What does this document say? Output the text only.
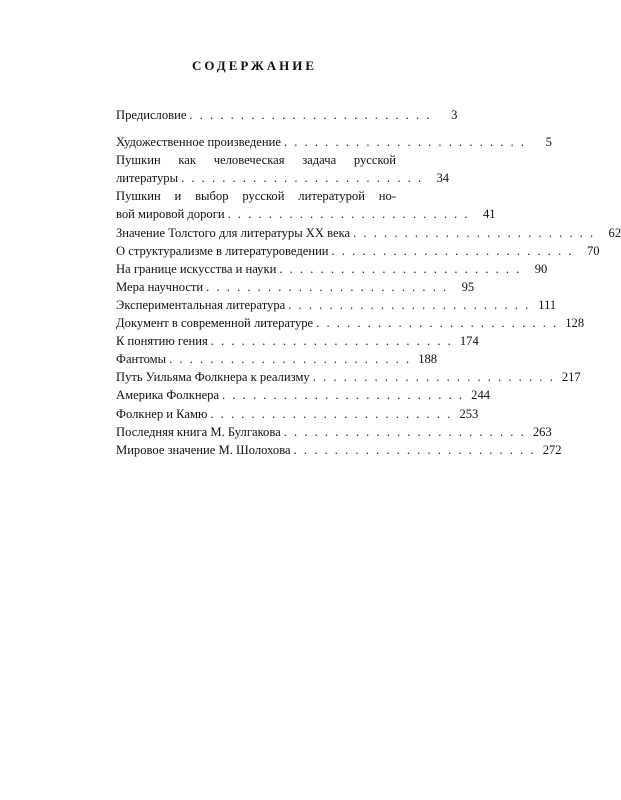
СОДЕРЖАНИЕ
Предисловие . . . . . . . . . . . . . . . . . . . . . . . .	3
Художественное произведение . . . . . . . . . . . . . . . . . . . . . . . .	5
Пушкин как человеческая задача русской
литературы . . . . . . . . . . . . . . . . . . . . . . . .	34
Пушкин и выбор русской литературой но-
вой мировой дороги . . . . . . . . . . . . . . . . . . . . . . . .	41
Значение Толстого для литературы XX века . . . . . . . . . . . . . . . . . . . . . . . .	62
О структурализме в литературоведении . . . . . . . . . . . . . . . . . . . . . . . .	70
На границе искусства и науки . . . . . . . . . . . . . . . . . . . . . . . .	90
Мера научности . . . . . . . . . . . . . . . . . . . . . . . .	95
Экспериментальная литература . . . . . . . . . . . . . . . . . . . . . . . . 111
Документ в современной литературе . . . . . . . . . . . . . . . . . . . . . . . . 128
К понятию гения . . . . . . . . . . . . . . . . . . . . . . . . 174
Фантомы . . . . . . . . . . . . . . . . . . . . . . . . 188
Путь Уильяма Фолкнера к реализму . . . . . . . . . . . . . . . . . . . . . . . . 217
Америка Фолкнера . . . . . . . . . . . . . . . . . . . . . . . . 244
Фолкнер и Камю . . . . . . . . . . . . . . . . . . . . . . . . 253
Последняя книга М. Булгакова . . . . . . . . . . . . . . . . . . . . . . . . 263
Мировое значение М. Шолохова . . . . . . . . . . . . . . . . . . . . . . . . 272
